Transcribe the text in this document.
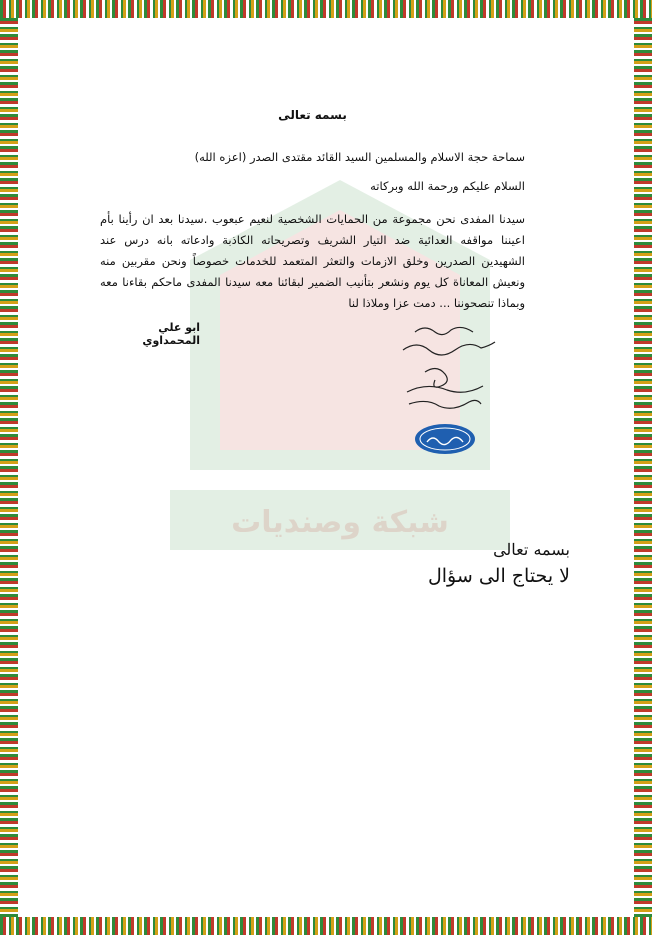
شبكة وصنديات
بسمه تعالى
سماحة حجة الاسلام والمسلمين السيد القائد مقتدى الصدر (اعزه الله)
السلام عليكم ورحمة الله وبركاته
سيدنا المفدى نحن مجموعة من الحمايات الشخصية لنعيم عبعوب .سيدنا بعد ان رأينا بأم اعيننا مواقفه العدائية ضد التيار الشريف وتصريحاته الكاذبة وادعاته بانه درس عند الشهيدين الصدرين وخلق الازمات والتعثر المتعمد للخدمات خصوصاً ونحن مقربين منه ونعيش المعاناة كل يوم ونشعر بتأنيب الضمير لبقائنا معه سيدنا المفدى ماحكم بقاءنا معه وبماذا تنصحوننا ... دمت عزا وملاذا لنا
ابو علي المحمداوي
بسمه تعالى
لا يحتاج الى سؤال
